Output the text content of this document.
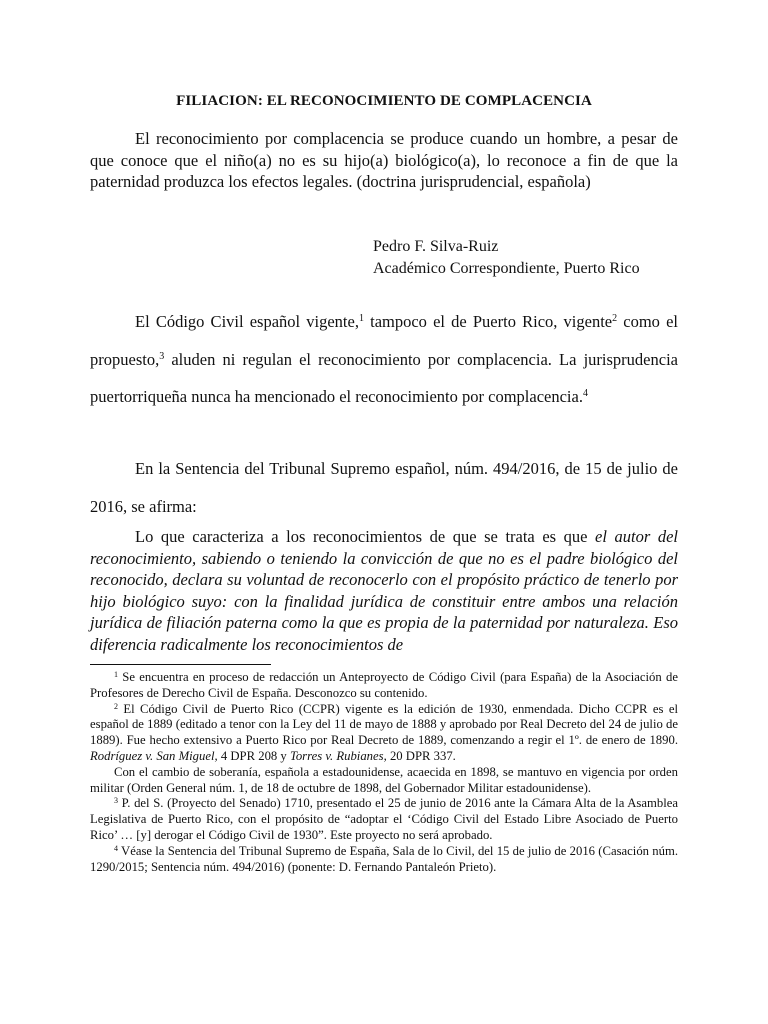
FILIACION: EL RECONOCIMIENTO DE COMPLACENCIA

El reconocimiento por complacencia se produce cuando un hombre, a pesar de que conoce que el niño(a) no es su hijo(a) biológico(a), lo reconoce a fin de que la paternidad produzca los efectos legales. (doctrina jurisprudencial, española)

Pedro F. Silva-Ruiz
Académico Correspondiente, Puerto Rico

El Código Civil español vigente,$^1$ tampoco el de Puerto Rico, vigente$^2$ como el propuesto,$^3$ aluden ni regulan el reconocimiento por complacencia. La jurisprudencia puertorriqueña nunca ha mencionado el reconocimiento por complacencia.$^4$

En la Sentencia del Tribunal Supremo español, núm. 494/2016, de 15 de julio de 2016, se afirma:

Lo que caracteriza a los reconocimientos de que se trata es que el autor del reconocimiento, sabiendo o teniendo la convicción de que no es el padre biológico del reconocido, declara su voluntad de reconocerlo con el propósito práctico de tenerlo por hijo biológico suyo: con la finalidad jurídica de constituir entre ambos una relación jurídica de filiación paterna como la que es propia de la paternidad por naturaleza. Eso diferencia radicalmente los reconocimientos de

$^1$ Se encuentra en proceso de redacción un Anteproyecto de Código Civil (para España) de la Asociación de Profesores de Derecho Civil de España. Desconozco su contenido.

$^2$ El Código Civil de Puerto Rico (CCPR) vigente es la edición de 1930, enmendada. Dicho CCPR es el español de 1889 (editado a tenor con la Ley del 11 de mayo de 1888 y aprobado por Real Decreto del 24 de julio de 1889). Fue hecho extensivo a Puerto Rico por Real Decreto de 1889, comenzando a regir el 1º. de enero de 1890. Rodríguez v. San Miguel, 4 DPR 208 y Torres v. Rubianes, 20 DPR 337.

Con el cambio de soberanía, española a estadounidense, acaecida en 1898, se mantuvo en vigencia por orden militar (Orden General núm. 1, de 18 de octubre de 1898, del Gobernador Militar estadounidense).

$^3$ P. del S. (Proyecto del Senado) 1710, presentado el 25 de junio de 2016 ante la Cámara Alta de la Asamblea Legislativa de Puerto Rico, con el propósito de “adoptar el ‘Código Civil del Estado Libre Asociado de Puerto Rico’ … [y] derogar el Código Civil de 1930”. Este proyecto no será aprobado.

$^4$ Véase la Sentencia del Tribunal Supremo de España, Sala de lo Civil, del 15 de julio de 2016 (Casación núm. 1290/2015; Sentencia núm. 494/2016) (ponente: D. Fernando Pantaleón Prieto).
